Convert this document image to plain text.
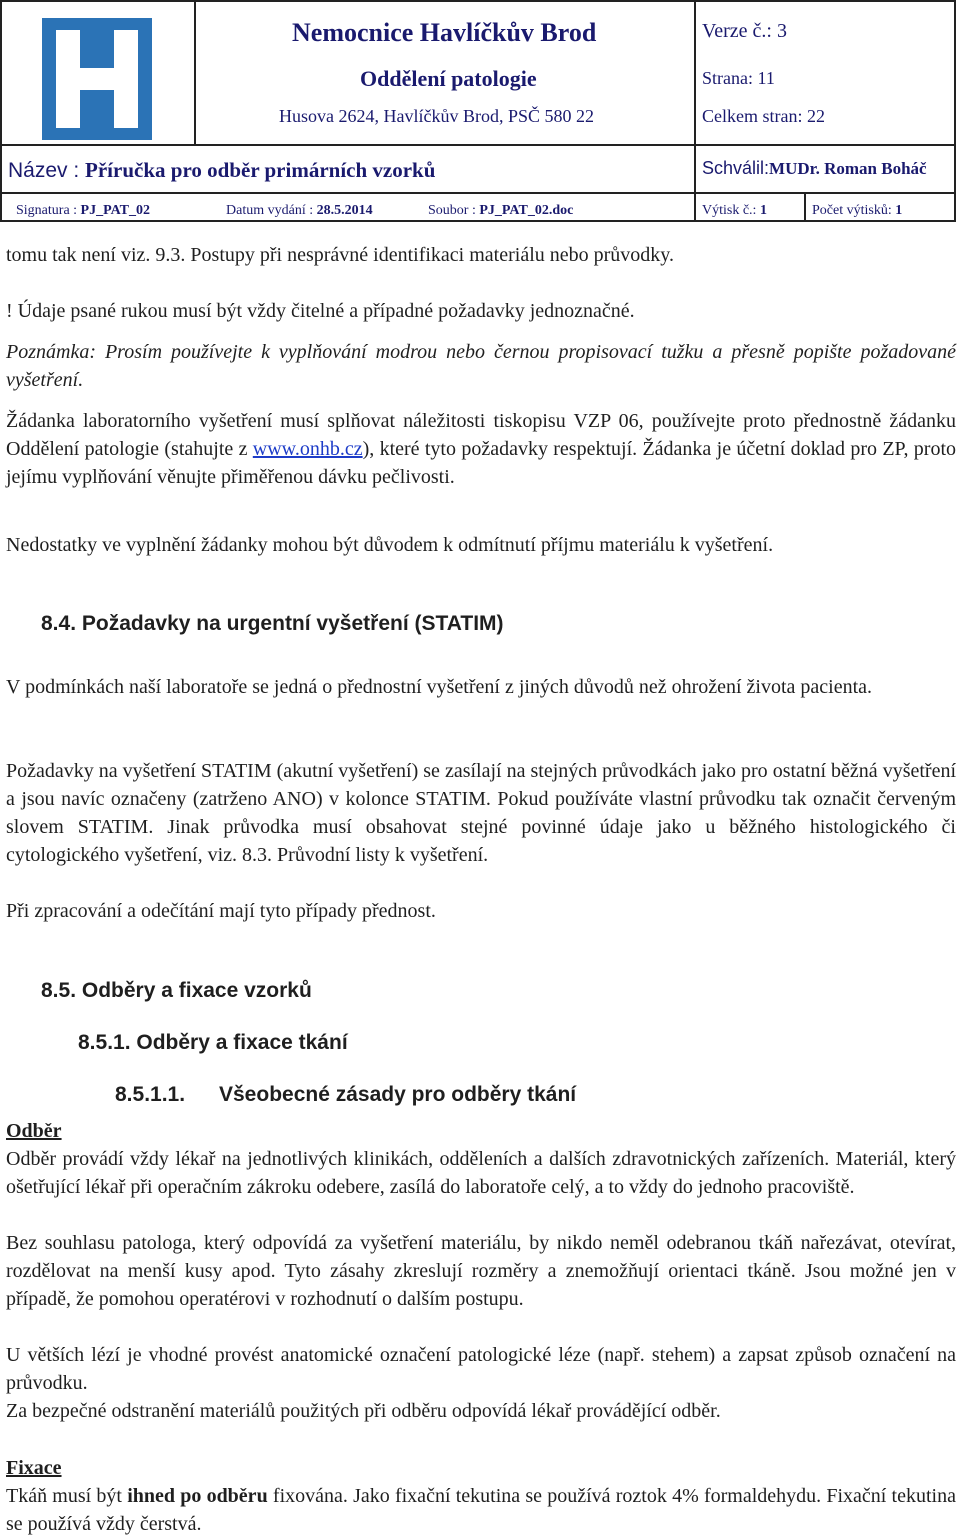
Nemocnice Havlíčkův Brod
Oddělení patologie
Husova 2624, Havlíčkův Brod, PSČ 580 22
Verze č.: 3
Strana: 11
Celkem stran: 22
Název : Příručka pro odběr primárních vzorků	Schválil:MUDr. Roman Boháč
Signatura : PJ_PAT_02	Datum vydání : 28.5.2014	Soubor : PJ_PAT_02.doc	Výtisk č.: 1	Počet výtisků: 1

tomu tak není viz. 9.3. Postupy při nesprávné identifikaci materiálu nebo průvodky.

! Údaje psané rukou musí být vždy čitelné a případné požadavky jednoznačné.

Poznámka: Prosím používejte k vyplňování modrou nebo černou propisovací tužku a přesně popište požadované vyšetření.

Žádanka laboratorního vyšetření musí splňovat náležitosti tiskopisu VZP 06, používejte proto přednostně žádanku Oddělení patologie (stahujte z www.onhb.cz), které tyto požadavky respektují. Žádanka je účetní doklad pro ZP, proto jejímu vyplňování věnujte přiměřenou dávku pečlivosti.

Nedostatky ve vyplnění žádanky mohou být důvodem k odmítnutí příjmu materiálu k vyšetření.

8.4. Požadavky na urgentní vyšetření (STATIM)

V podmínkách naší laboratoře se jedná o přednostní vyšetření z jiných důvodů než ohrožení života pacienta.

Požadavky na vyšetření STATIM (akutní vyšetření) se zasílají na stejných průvodkách jako pro ostatní běžná vyšetření a jsou navíc označeny (zatrženo ANO) v kolonce STATIM. Pokud používáte vlastní průvodku tak označit červeným slovem STATIM. Jinak průvodka musí obsahovat stejné povinné údaje jako u běžného histologického či cytologického vyšetření, viz. 8.3. Průvodní listy k vyšetření.

Při zpracování a odečítání mají tyto případy přednost.

8.5. Odběry a fixace vzorků
8.5.1. Odběry a fixace tkání
8.5.1.1. Všeobecné zásady pro odběry tkání

Odběr

Odběr provádí vždy lékař na jednotlivých klinikách, odděleních a dalších zdravotnických zařízeních. Materiál, který ošetřující lékař při operačním zákroku odebere, zasílá do laboratoře celý, a to vždy do jednoho pracoviště.

Bez souhlasu patologa, který odpovídá za vyšetření materiálu, by nikdo neměl odebranou tkáň nařezávat, otevírat, rozdělovat na menší kusy apod. Tyto zásahy zkreslují rozměry a znemožňují orientaci tkáně. Jsou možné jen v případě, že pomohou operatérovi v rozhodnutí o dalším postupu.

U větších lézí je vhodné provést anatomické označení patologické léze (např. stehem) a zapsat způsob označení na průvodku.

Za bezpečné odstranění materiálů použitých při odběru odpovídá lékař provádějící odběr.

Fixace

Tkáň musí být ihned po odběru fixována. Jako fixační tekutina se používá roztok 4% formaldehydu. Fixační tekutina se používá vždy čerstvá.
